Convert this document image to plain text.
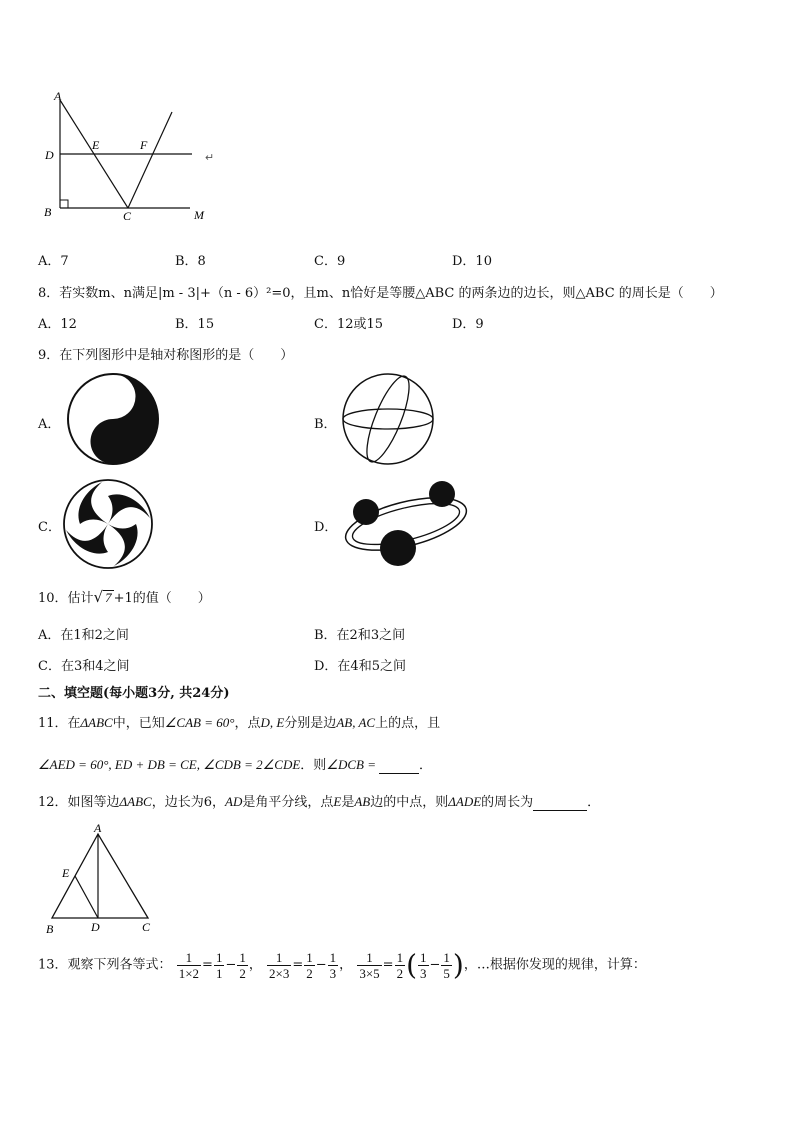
A
D
B
E	F
C	M
↵
A．7	B．8	C．9	D．10
8．若实数m、n满足|m - 3|+（n - 6）²=0，且m、n恰好是等腰△ABC 的两条边的边长，则△ABC 的周长是（　　）
A．12	B．15	C．12或15	D．9
9．在下列图形中是轴对称图形的是（　　）
A．	B．
C．	D．
10．估计√ 7 +1的值（　　）
A．在1和2之间	B．在2和3之间
C．在3和4之间	D．在4和5之间
二、填空题(每小题3分, 共24分)
11．在ΔABC中，已知∠CAB = 60°，点D, E分别是边AB, AC上的点，且
∠AED = 60°, ED + DB = CE, ∠CDB = 2∠CDE．则∠DCB =	．
12．如图等边ΔABC，边长为6，AD是角平分线，点E是AB边的中点，则ΔADE的周长为	．
A
E
B	D	C
13．观察下列各等式： $\frac{1}{1\times 2} = \frac{1}{1} - \frac{1}{2}$ ， $\frac{1}{2\times 3} = \frac{1}{2} - \frac{1}{3}$ ， $\frac{1}{3\times 5} = \frac{1}{2}$ ( $\frac{1}{3} - \frac{1}{5}$ )，…根据你发现的规律，计算：
